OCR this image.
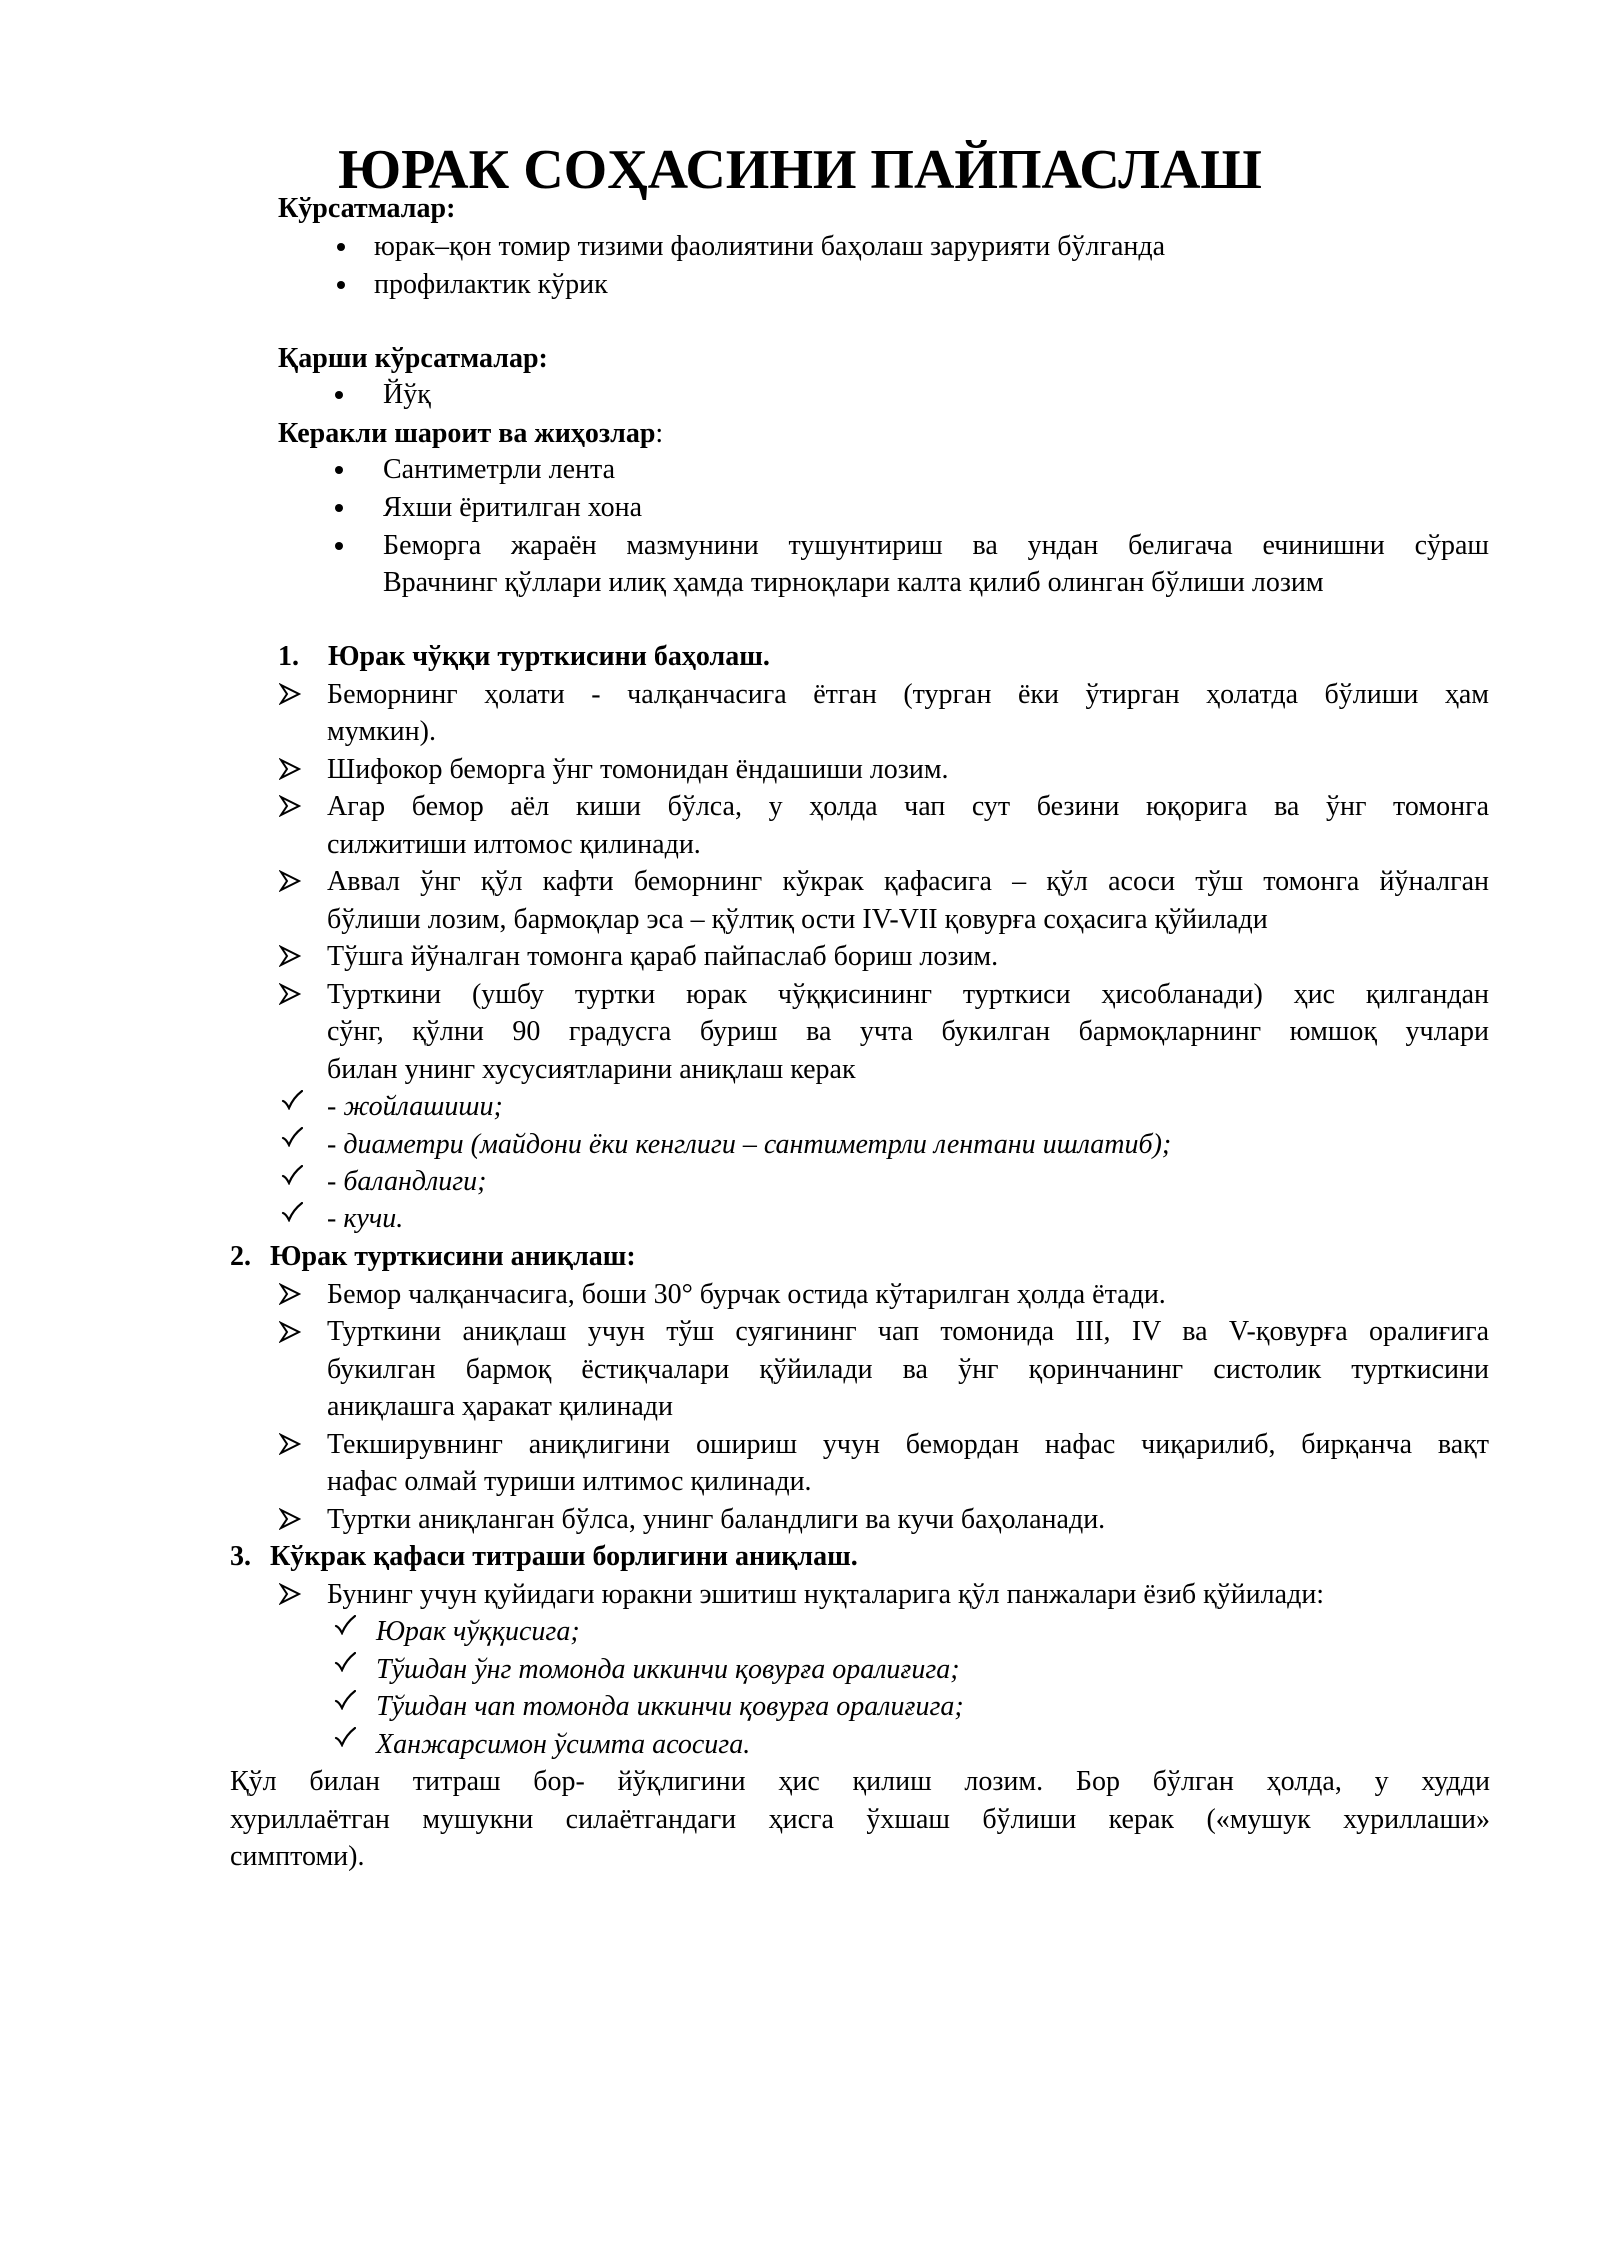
ЮРАК СОҲАСИНИ ПАЙПАСЛАШ

Кўрсатмалар:

юрак–қон томир тизими фаолиятини баҳолаш зарурияти бўлганда

профилактик кўрик

Қарши кўрсатмалар:

Йўқ

Керакли шароит ва жиҳозлар:

Сантиметрли лента

Яхши ёритилган хона

Беморга жараён мазмунини тушунтириш ва ундан белигача ечинишни сўраш

Врачнинг қўллари илиқ ҳамда тирноқлари калта қилиб олинган бўлиши лозим

1. Юрак чўққи турткисини баҳолаш.

Беморнинг ҳолати - чалқанчасига ётган (турган ёки ўтирган ҳолатда бўлиши ҳам

мумкин).

Шифокор беморга ўнг томонидан ёндашиши лозим.

Агар бемор аёл киши бўлса, у ҳолда чап сут безини юқорига ва ўнг томонга

силжитиши илтомос қилинади.

Аввал ўнг қўл кафти беморнинг кўкрак қафасига – қўл асоси тўш томонга йўналган

бўлиши лозим, бармоқлар эса – қўлтиқ ости IV-VII қовурға соҳасига қўйилади

Тўшга йўналган томонга қараб пайпаслаб бориш лозим.

Турткини (ушбу туртки юрак чўққисининг турткиси ҳисобланади) ҳис қилгандан

сўнг, қўлни 90 градусга буриш ва учта букилган бармоқларнинг юмшоқ учлари

билан унинг хусусиятларини аниқлаш керак

- жойлашиши;

- диаметри (майдони ёки кенглиги – сантиметрли лентани ишлатиб);

- баландлиги;

- кучи.

2. Юрак турткисини аниқлаш:

Бемор чалқанчасига, боши 30° бурчак остида кўтарилган ҳолда ётади.

Турткини аниқлаш учун тўш суягининг чап томонида III, IV ва V-қовурға оралиғига

букилган бармоқ ёстиқчалари қўйилади ва ўнг қоринчанинг систолик турткисини

аниқлашга ҳаракат қилинади

Текширувнинг аниқлигини ошириш учун бемордан нафас чиқарилиб, бирқанча вақт

нафас олмай туриши илтимос қилинади.

Туртки аниқланган бўлса, унинг баландлиги ва кучи баҳоланади.

3. Кўкрак қафаси титраши борлигини аниқлаш.

Бунинг учун қуйидаги юракни эшитиш нуқталарига қўл панжалари ёзиб қўйилади:

Юрак чўққисига;

Тўшдан ўнг томонда иккинчи қовурға оралиғига;

Тўшдан чап томонда иккинчи қовурға оралиғига;

Ханжарсимон ўсимта асосига.

Қўл билан титраш бор- йўқлигини ҳис қилиш лозим. Бор бўлган ҳолда, у худди
хуриллаётган мушукни силаётгандаги ҳисга ўхшаш бўлиши керак («мушук хуриллаши»
симптоми).
